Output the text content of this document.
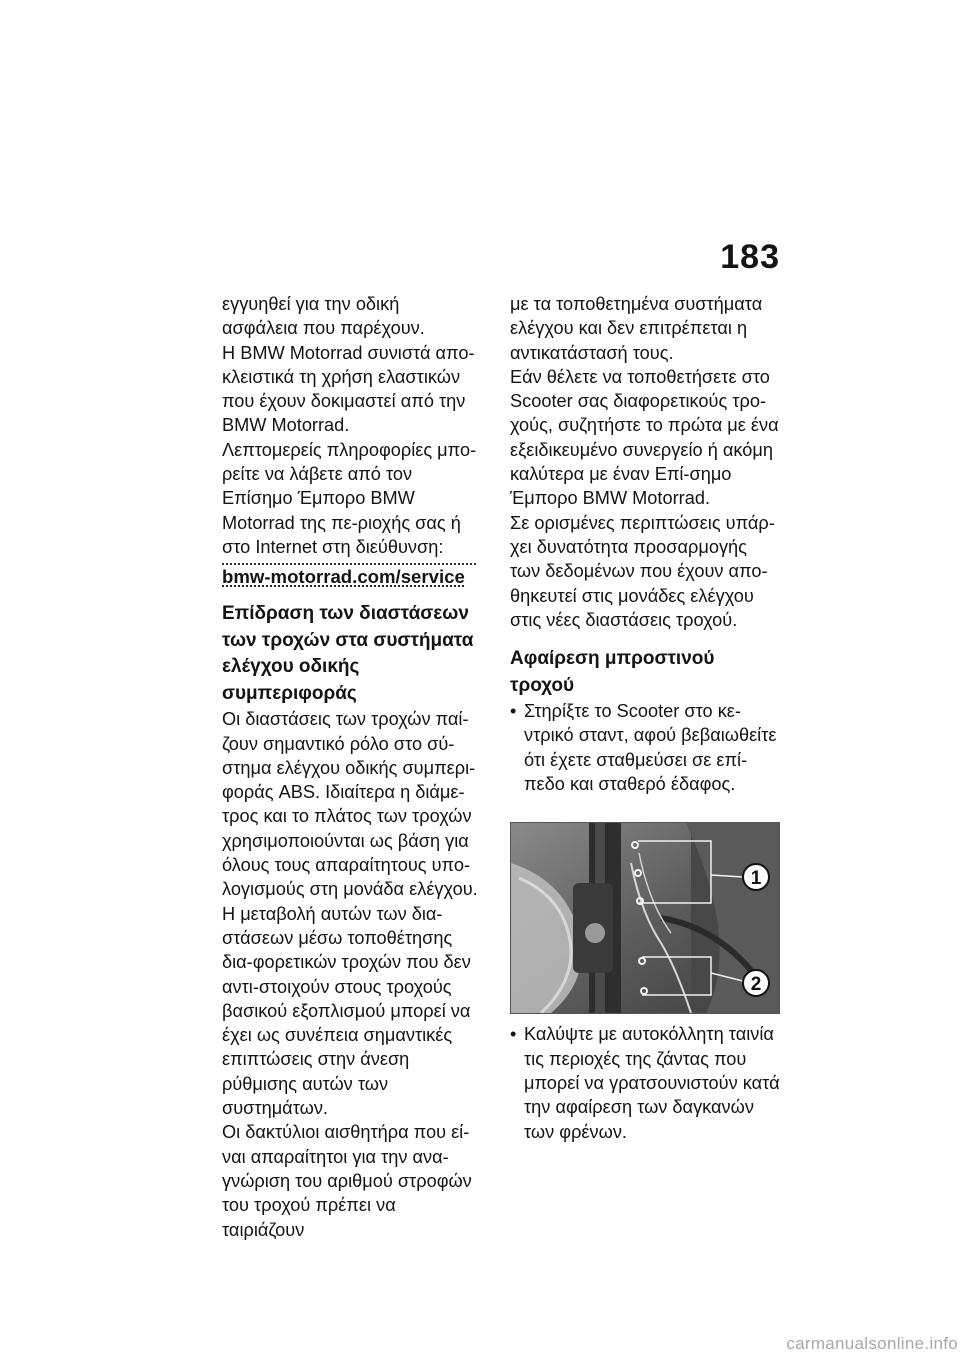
183

εγγυηθεί για την οδική ασφάλεια που παρέχουν.

Η BMW Motorrad συνιστά απο-κλειστικά τη χρήση ελαστικών που έχουν δοκιμαστεί από την BMW Motorrad.

Λεπτομερείς πληροφορίες μπο-ρείτε να λάβετε από τον Επίσημο Έμπορο BMW Motorrad της πε-ριοχής σας ή στο Internet στη διεύθυνση:

bmw-motorrad.com/service

Επίδραση των διαστάσεων των τροχών στα συστήματα ελέγχου οδικής συμπεριφοράς

Οι διαστάσεις των τροχών παί-ζουν σημαντικό ρόλο στο σύ-στημα ελέγχου οδικής συμπερι-φοράς ABS. Ιδιαίτερα η διάμε-τρος και το πλάτος των τροχών χρησιμοποιούνται ως βάση για όλους τους απαραίτητους υπο-λογισμούς στη μονάδα ελέγχου.

Η μεταβολή αυτών των δια-στάσεων μέσω τοποθέτησης δια-φορετικών τροχών που δεν αντι-στοιχούν στους τροχούς βασικού εξοπλισμού μπορεί να έχει ως συνέπεια σημαντικές επιπτώσεις στην άνεση ρύθμισης αυτών των συστημάτων.

Οι δακτύλιοι αισθητήρα που εί-ναι απαραίτητοι για την ανα-γνώριση του αριθμού στροφών του τροχού πρέπει να ταιριάζουν

με τα τοποθετημένα συστήματα ελέγχου και δεν επιτρέπεται η αντικατάστασή τους.

Εάν θέλετε να τοποθετήσετε στο Scooter σας διαφορετικούς τρο-χούς, συζητήστε το πρώτα με ένα εξειδικευμένο συνεργείο ή ακόμη καλύτερα με έναν Επί-σημο Έμπορο BMW Motorrad.

Σε ορισμένες περιπτώσεις υπάρ-χει δυνατότητα προσαρμογής των δεδομένων που έχουν απο-θηκευτεί στις μονάδες ελέγχου στις νέες διαστάσεις τροχού.

Αφαίρεση μπροστινού τροχού

• Στηρίξτε το Scooter στο κε-ντρικό σταντ, αφού βεβαιωθείτε ότι έχετε σταθμεύσει σε επί-πεδο και σταθερό έδαφος.
1
2
• Καλύψτε με αυτοκόλλητη ταινία τις περιοχές της ζάντας που μπορεί να γρατσουνιστούν κατά την αφαίρεση των δαγκανών των φρένων.
carmanualsonline.info
